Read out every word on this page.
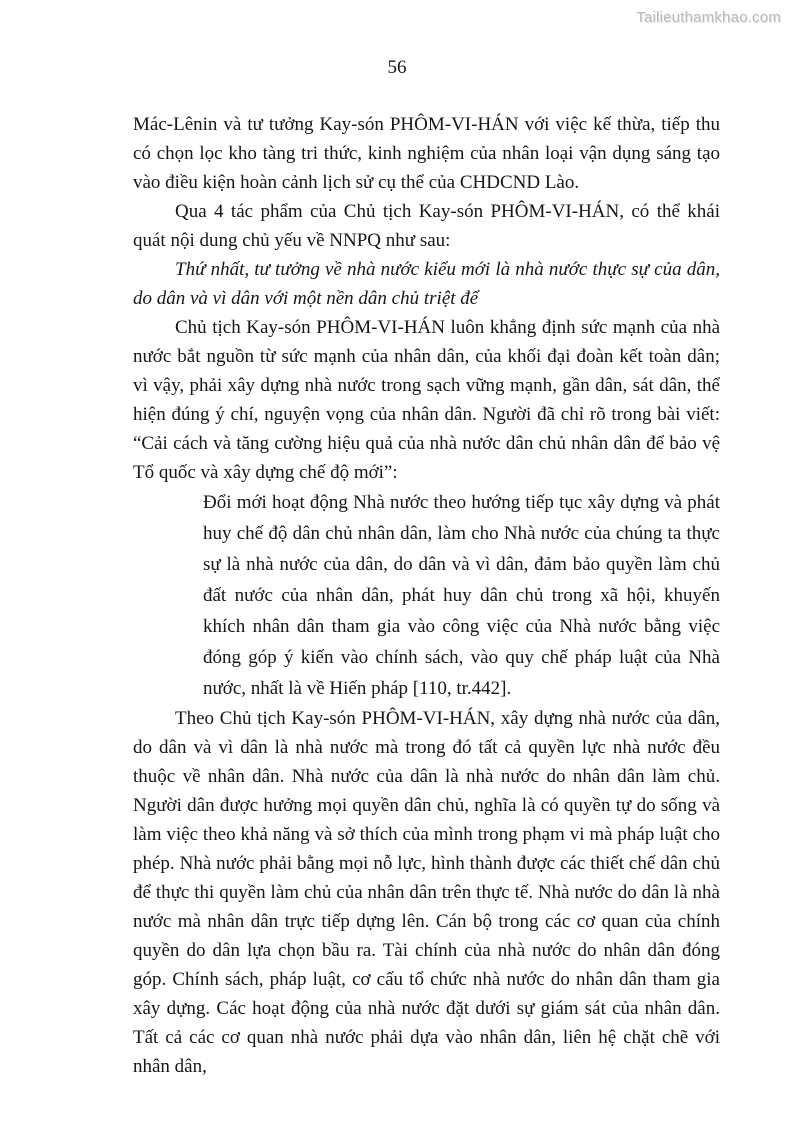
Tailieuthamkhao.com
56

Mác-Lênin và tư tưởng Kay-són PHÔM-VI-HÁN với việc kế thừa, tiếp thu có chọn lọc kho tàng tri thức, kinh nghiệm của nhân loại vận dụng sáng tạo vào điều kiện hoàn cảnh lịch sử cụ thể của CHDCND Lào.

Qua 4 tác phẩm của Chủ tịch Kay-són PHÔM-VI-HÁN, có thể khái quát nội dung chủ yếu về NNPQ như sau:

Thứ nhất, tư tưởng về nhà nước kiểu mới là nhà nước thực sự của dân, do dân và vì dân với một nền dân chủ triệt để

Chủ tịch Kay-són PHÔM-VI-HÁN luôn khẳng định sức mạnh của nhà nước bắt nguồn từ sức mạnh của nhân dân, của khối đại đoàn kết toàn dân; vì vậy, phải xây dựng nhà nước trong sạch vững mạnh, gần dân, sát dân, thể hiện đúng ý chí, nguyện vọng của nhân dân. Người đã chỉ rõ trong bài viết: “Cải cách và tăng cường hiệu quả của nhà nước dân chủ nhân dân để bảo vệ Tổ quốc và xây dựng chế độ mới”:

Đổi mới hoạt động Nhà nước theo hướng tiếp tục xây dựng và phát huy chế độ dân chủ nhân dân, làm cho Nhà nước của chúng ta thực sự là nhà nước của dân, do dân và vì dân, đảm bảo quyền làm chủ đất nước của nhân dân, phát huy dân chủ trong xã hội, khuyến khích nhân dân tham gia vào công việc của Nhà nước bằng việc đóng góp ý kiến vào chính sách, vào quy chế pháp luật của Nhà nước, nhất là về Hiến pháp [110, tr.442].

Theo Chủ tịch Kay-són PHÔM-VI-HÁN, xây dựng nhà nước của dân, do dân và vì dân là nhà nước mà trong đó tất cả quyền lực nhà nước đều thuộc về nhân dân. Nhà nước của dân là nhà nước do nhân dân làm chủ. Người dân được hưởng mọi quyền dân chủ, nghĩa là có quyền tự do sống và làm việc theo khả năng và sở thích của mình trong phạm vi mà pháp luật cho phép. Nhà nước phải bằng mọi nỗ lực, hình thành được các thiết chế dân chủ để thực thi quyền làm chủ của nhân dân trên thực tế. Nhà nước do dân là nhà nước mà nhân dân trực tiếp dựng lên. Cán bộ trong các cơ quan của chính quyền do dân lựa chọn bầu ra. Tài chính của nhà nước do nhân dân đóng góp. Chính sách, pháp luật, cơ cấu tổ chức nhà nước do nhân dân tham gia xây dựng. Các hoạt động của nhà nước đặt dưới sự giám sát của nhân dân. Tất cả các cơ quan nhà nước phải dựa vào nhân dân, liên hệ chặt chẽ với nhân dân,
